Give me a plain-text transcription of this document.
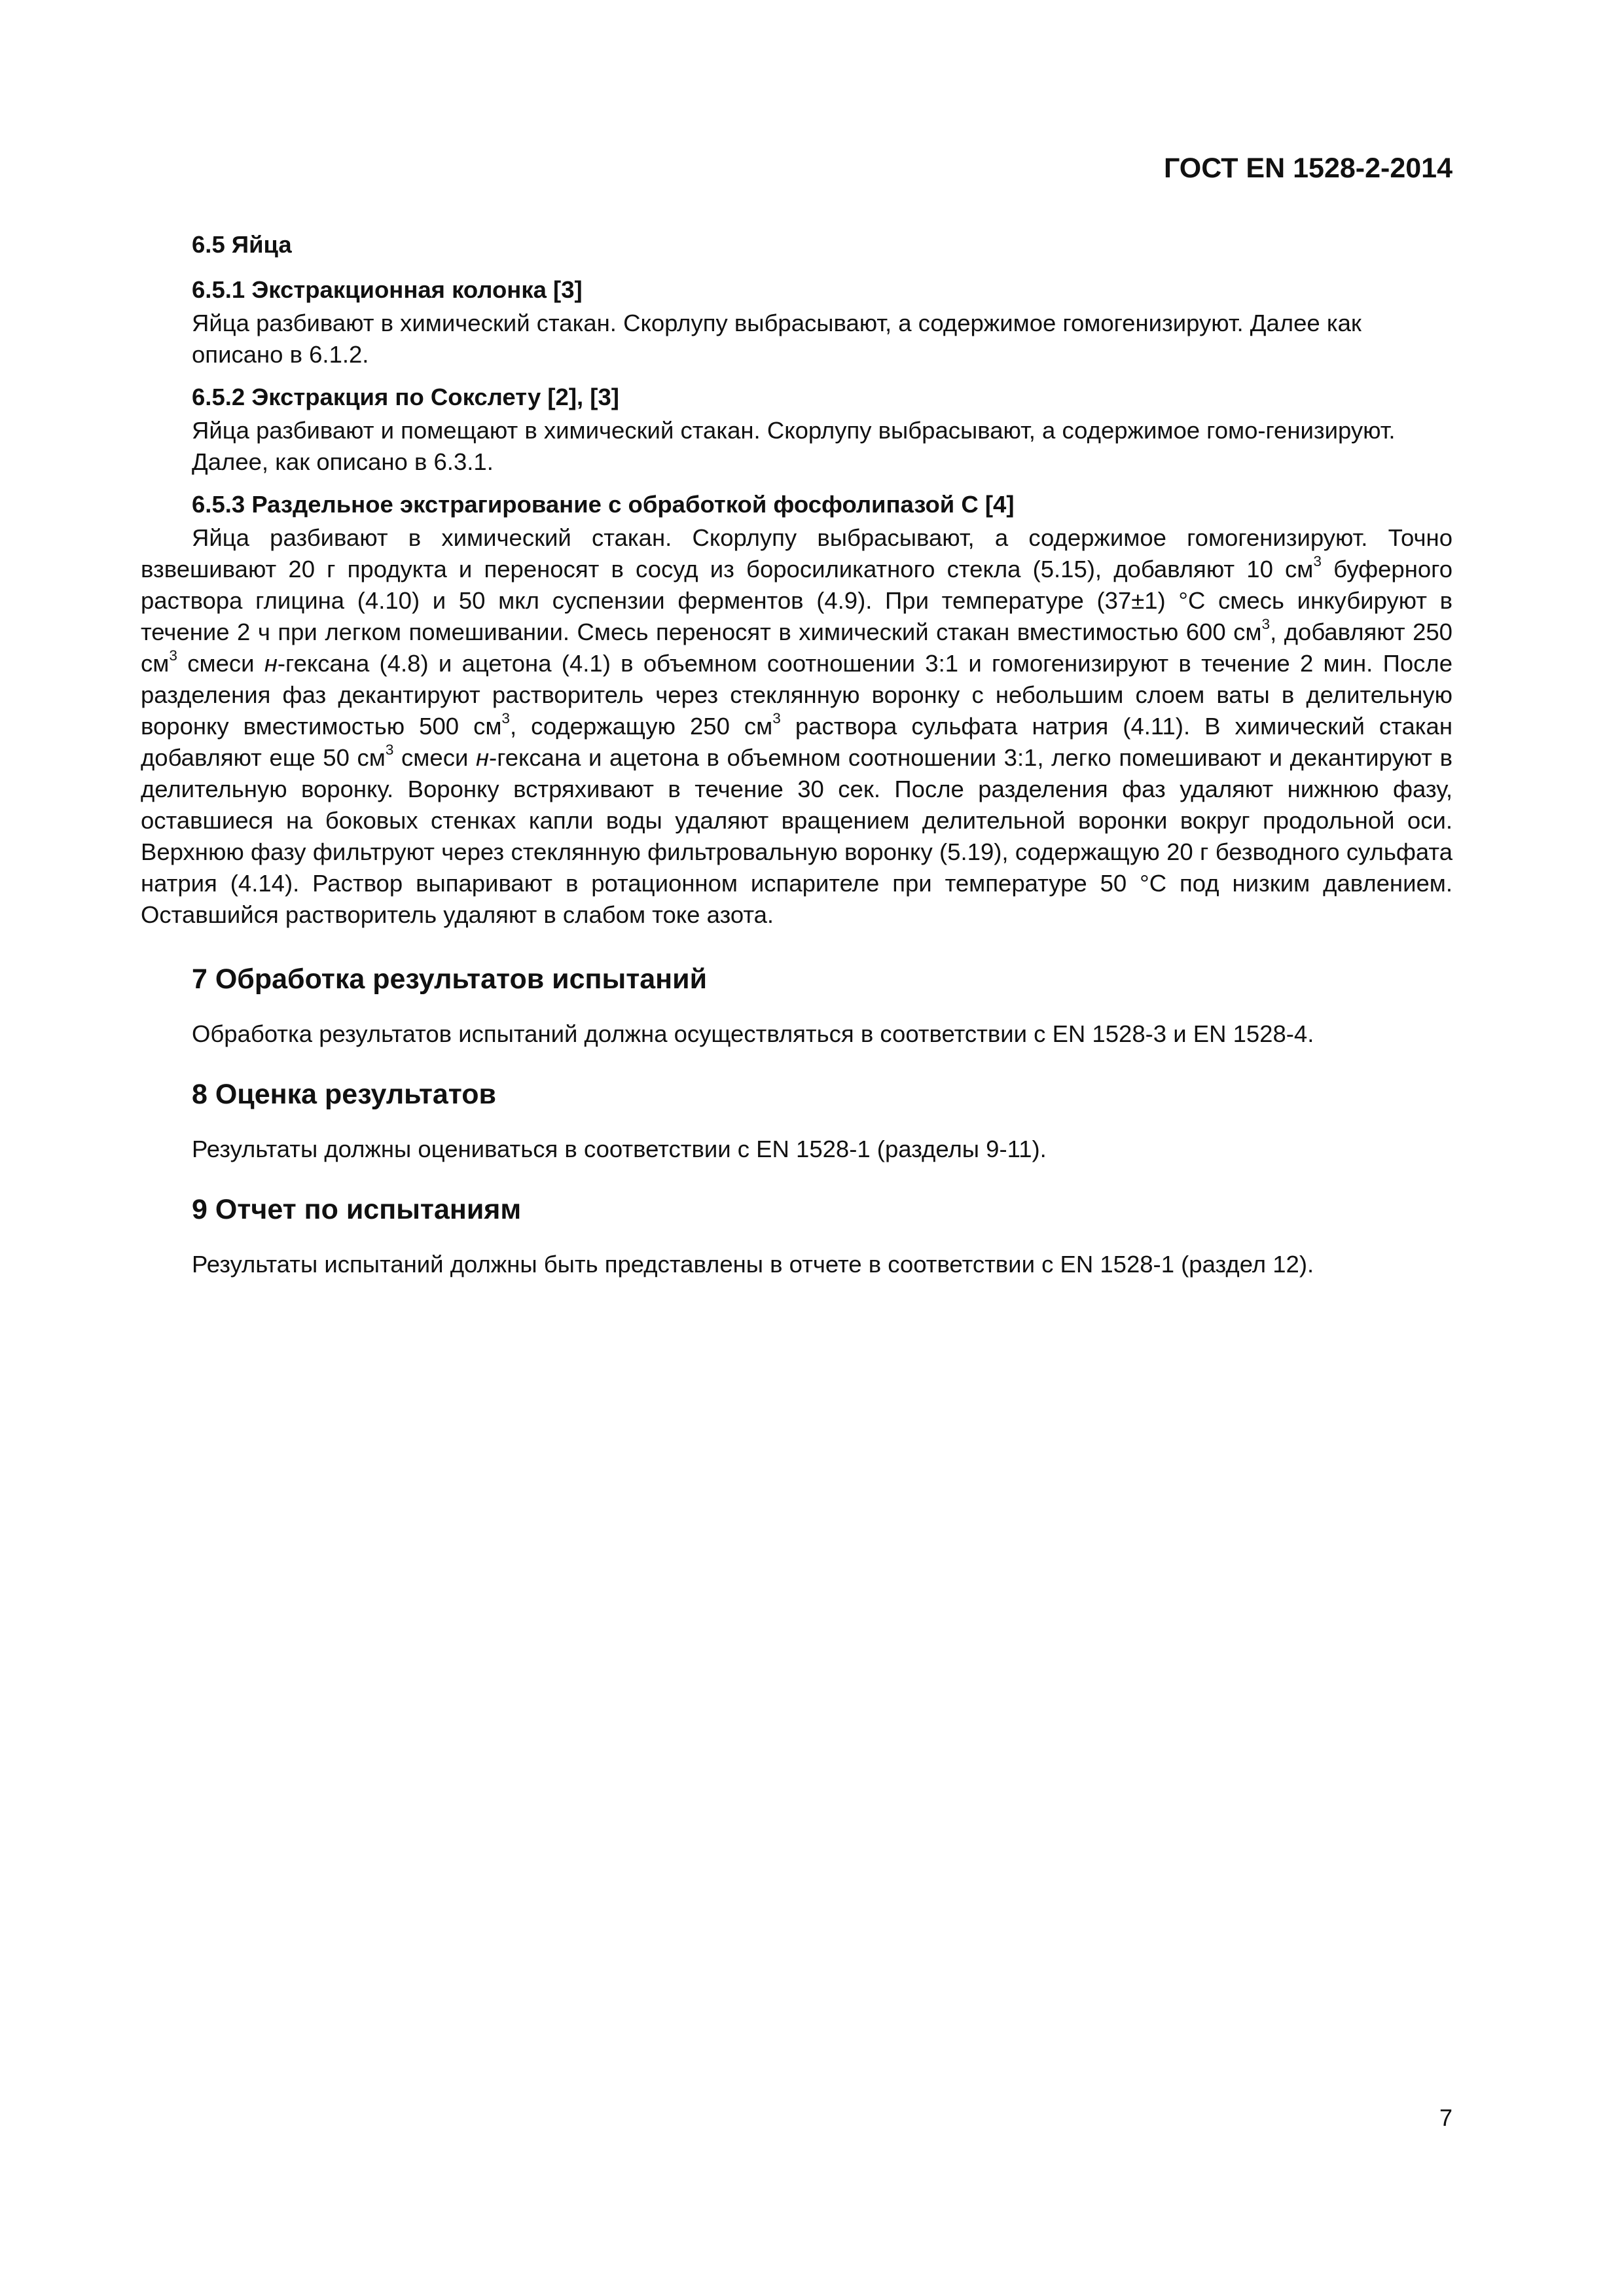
ГОСТ EN 1528-2-2014

6.5 Яйца

6.5.1 Экстракционная колонка [3]

Яйца разбивают в химический стакан. Скорлупу выбрасывают, а содержимое гомогенизируют. Далее как описано в 6.1.2.

6.5.2 Экстракция по Сокслету [2], [3]

Яйца разбивают и помещают в химический стакан. Скорлупу выбрасывают, а содержимое гомо-генизируют.

Далее, как описано в 6.3.1.

6.5.3 Раздельное экстрагирование с обработкой фосфолипазой С [4]

Яйца разбивают в химический стакан. Скорлупу выбрасывают, а содержимое гомогенизируют. Точно взвешивают 20 г продукта и переносят в сосуд из боросиликатного стекла (5.15), добавляют 10 $см^3$ буферного раствора глицина (4.10) и 50 мкл суспензии ферментов (4.9). При температуре (37±1) °С смесь инкубируют в течение 2 ч при легком помешивании. Смесь переносят в химический стакан вместимостью 600 $см^3$, добавляют 250 $см^3$ смеси н-гексана (4.8) и ацетона (4.1) в объемном соотношении 3:1 и гомогенизируют в течение 2 мин. После разделения фаз декантируют растворитель через стеклянную воронку с небольшим слоем ваты в делительную воронку вместимостью 500 $см^3$, содержащую 250 $см^3$ раствора сульфата натрия (4.11). В химический стакан добавляют еще 50 $см^3$ смеси н-гексана и ацетона в объемном соотношении 3:1, легко помешивают и декантируют в делительную воронку. Воронку встряхивают в течение 30 сек. После разделения фаз удаляют нижнюю фазу, оставшиеся на боковых стенках капли воды удаляют вращением делительной воронки вокруг продольной оси. Верхнюю фазу фильтруют через стеклянную фильтровальную воронку (5.19), содержащую 20 г безводного сульфата натрия (4.14). Раствор выпаривают в ротационном испарителе при температуре 50 °С под низким давлением. Оставшийся растворитель удаляют в слабом токе азота.

7 Обработка результатов испытаний

Обработка результатов испытаний должна осуществляться в соответствии с EN 1528-3 и EN 1528-4.

8 Оценка результатов

Результаты должны оцениваться в соответствии с EN 1528-1 (разделы 9-11).

9 Отчет по испытаниям

Результаты испытаний должны быть представлены в отчете в соответствии с EN 1528-1 (раздел 12).

7
